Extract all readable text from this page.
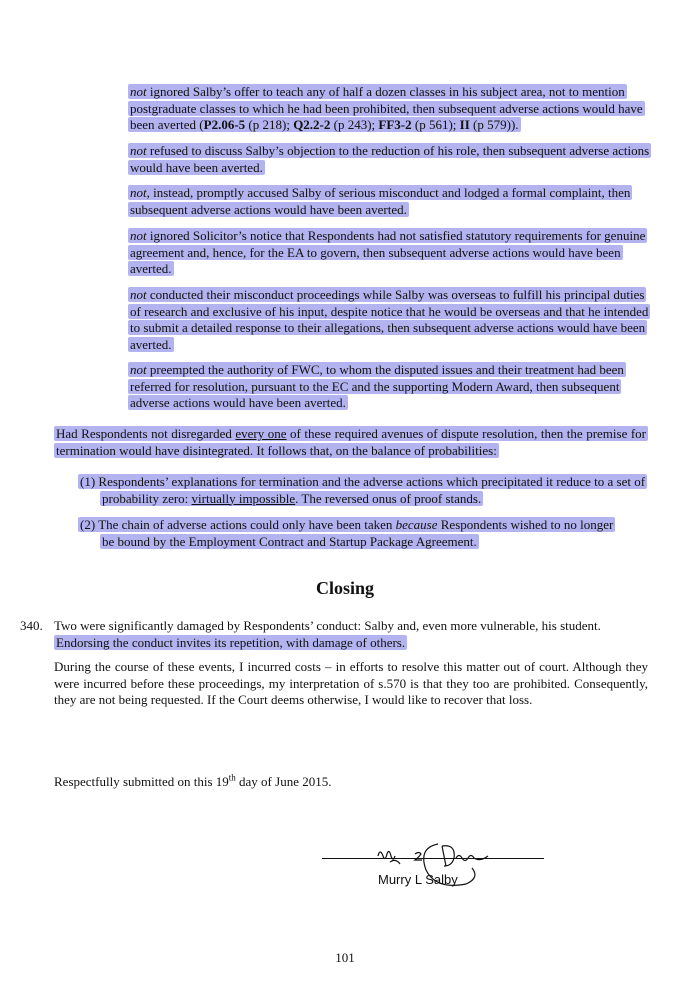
not ignored Salby’s offer to teach any of half a dozen classes in his subject area, not to mention postgraduate classes to which he had been prohibited, then subsequent adverse actions would have been averted (P2.06-5 (p 218); Q2.2-2 (p 243); FF3-2 (p 561); II (p 579)).
not refused to discuss Salby’s objection to the reduction of his role, then subsequent adverse actions would have been averted.
not, instead, promptly accused Salby of serious misconduct and lodged a formal complaint, then subsequent adverse actions would have been averted.
not ignored Solicitor’s notice that Respondents had not satisfied statutory requirements for genuine agreement and, hence, for the EA to govern, then subsequent adverse actions would have been averted.
not conducted their misconduct proceedings while Salby was overseas to fulfill his principal duties of research and exclusive of his input, despite notice that he would be overseas and that he intended to submit a detailed response to their allegations, then subsequent adverse actions would have been averted.
not preempted the authority of FWC, to whom the disputed issues and their treatment had been referred for resolution, pursuant to the EC and the supporting Modern Award, then subsequent adverse actions would have been averted.
Had Respondents not disregarded every one of these required avenues of dispute resolution, then the premise for termination would have disintegrated. It follows that, on the balance of probabilities:
(1) Respondents’ explanations for termination and the adverse actions which precipitated it reduce to a set of probability zero: virtually impossible. The reversed onus of proof stands.
(2) The chain of adverse actions could only have been taken because Respondents wished to no longer be bound by the Employment Contract and Startup Package Agreement.
Closing
340. Two were significantly damaged by Respondents’ conduct: Salby and, even more vulnerable, his student.
Endorsing the conduct invites its repetition, with damage of others.
During the course of these events, I incurred costs – in efforts to resolve this matter out of court. Although they were incurred before these proceedings, my interpretation of s.570 is that they too are prohibited. Consequently, they are not being requested. If the Court deems otherwise, I would like to recover that loss.
Respectfully submitted on this 19th day of June 2015.
Murry L Salby
101
